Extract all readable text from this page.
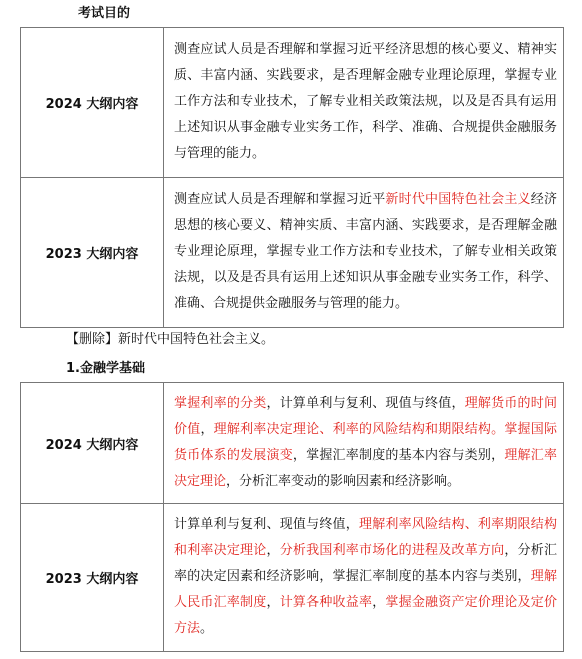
考试目的
2024 大纲内容	测查应试人员是否理解和掌握习近平经济思想的核心要义、精神实质、丰富内涵、实践要求，是否理解金融专业理论原理，掌握专业工作方法和专业技术，了解专业相关政策法规，以及是否具有运用上述知识从事金融专业实务工作，科学、准确、合规提供金融服务与管理的能力。
2023 大纲内容	测查应试人员是否理解和掌握习近平新时代中国特色社会主义经济思想的核心要义、精神实质、丰富内涵、实践要求，是否理解金融专业理论原理，掌握专业工作方法和专业技术，了解专业相关政策法规，以及是否具有运用上述知识从事金融专业实务工作，科学、准确、合规提供金融服务与管理的能力。
【删除】新时代中国特色社会主义。
1.金融学基础
2024 大纲内容	掌握利率的分类，计算单利与复利、现值与终值，理解货币的时间价值，理解利率决定理论、利率的风险结构和期限结构。掌握国际货币体系的发展演变，掌握汇率制度的基本内容与类别，理解汇率决定理论，分析汇率变动的影响因素和经济影响。
2023 大纲内容	计算单利与复利、现值与终值，理解利率风险结构、利率期限结构和利率决定理论，分析我国利率市场化的进程及改革方向，分析汇率的决定因素和经济影响，掌握汇率制度的基本内容与类别，理解人民币汇率制度，计算各种收益率，掌握金融资产定价理论及定价方法。
